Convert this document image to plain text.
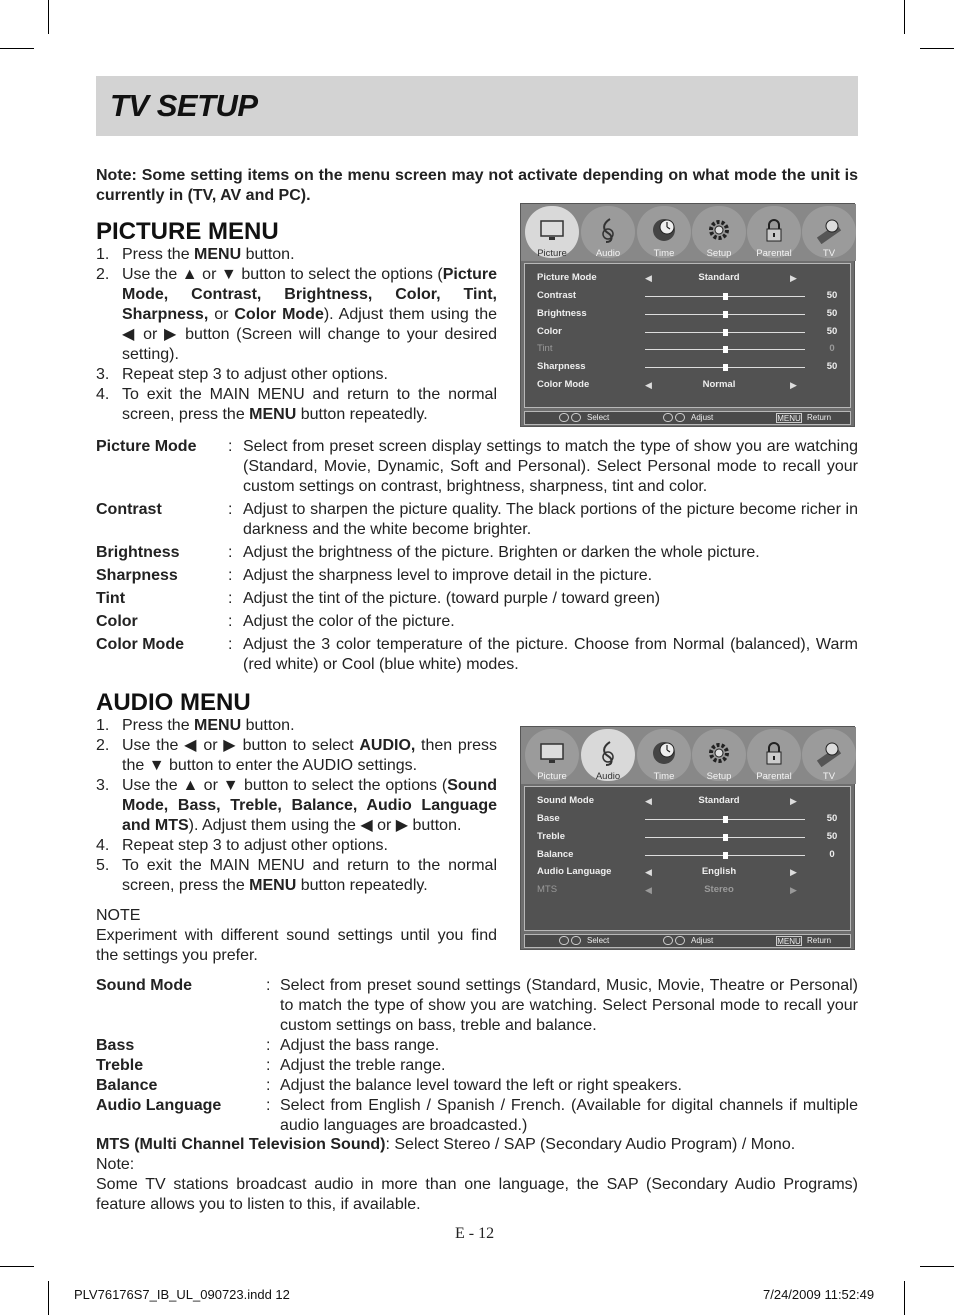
TV SETUP
Note: Some setting items on the menu screen may not activate depending on what mode the unit is currently in (TV, AV and PC).
PICTURE MENU
1. Press the MENU button.
2. Use the ▲ or ▼ button to select the options (Picture Mode, Contrast, Brightness, Color, Tint, Sharpness, or Color Mode). Adjust them using the ◀ or ▶ button (Screen will change to your desired setting).
3. Repeat step 3 to adjust other options.
4. To exit the MAIN MENU and return to the normal screen, press the MENU button repeatedly.
Picture	Audio	Time	Setup	Parental	TV
Picture Mode	◀	Standard	▶
Contrast	50
Brightness	50
Color	50
Tint	0
Sharpness	50
Color Mode	◀	Normal	▶
Select	Adjust	MENU Return
Picture Mode : Select from preset screen display settings to match the type of show you are watching (Standard, Movie, Dynamic, Soft and Personal). Select Personal mode to recall your custom settings on contrast, brightness, sharpness, tint and color.
Contrast	: Adjust to sharpen the picture quality. The black portions of the picture become richer in darkness and the white become brighter.
Brightness	: Adjust the brightness of the picture. Brighten or darken the whole picture.
Sharpness	: Adjust the sharpness level to improve detail in the picture.
Tint	: Adjust the tint of the picture. (toward purple / toward green)
Color	: Adjust the color of the picture.
Color Mode	: Adjust the 3 color temperature of the picture. Choose from Normal (balanced), Warm (red white) or Cool (blue white) modes.
AUDIO MENU
1. Press the MENU button.
2. Use the ◀ or ▶ button to select AUDIO, then press the ▼ button to enter the AUDIO settings.
3. Use the ▲ or ▼ button to select the options (Sound Mode, Bass, Treble, Balance, Audio Language and MTS). Adjust them using the ◀ or ▶ button.
4. Repeat step 3 to adjust other options.
5. To exit the MAIN MENU and return to the normal screen, press the MENU button repeatedly.
NOTE
Experiment with different sound settings until you find the settings you prefer.
Picture	Audio	Time	Setup	Parental	TV
Sound Mode	◀	Standard	▶
Base	50
Treble	50
Balance	0
Audio Language	◀	English	▶
MTS	◀	Stereo	▶
Select	Adjust	MENU Return
Sound Mode	: Select from preset sound settings (Standard, Music, Movie, Theatre or Personal) to match the type of show you are watching. Select Personal mode to recall your custom settings on bass, treble and balance.
Bass	: Adjust the bass range.
Treble	: Adjust the treble range.
Balance	: Adjust the balance level toward the left or right speakers.
Audio Language	: Select from English / Spanish / French. (Available for digital channels if multiple audio languages are broadcasted.)
MTS (Multi Channel Television Sound): Select Stereo / SAP (Secondary Audio Program) / Mono.
Note:
Some TV stations broadcast audio in more than one language, the SAP (Secondary Audio Programs) feature allows you to listen to this, if available.
E - 12
PLV76176S7_IB_UL_090723.indd 12	7/24/2009 11:52:49
